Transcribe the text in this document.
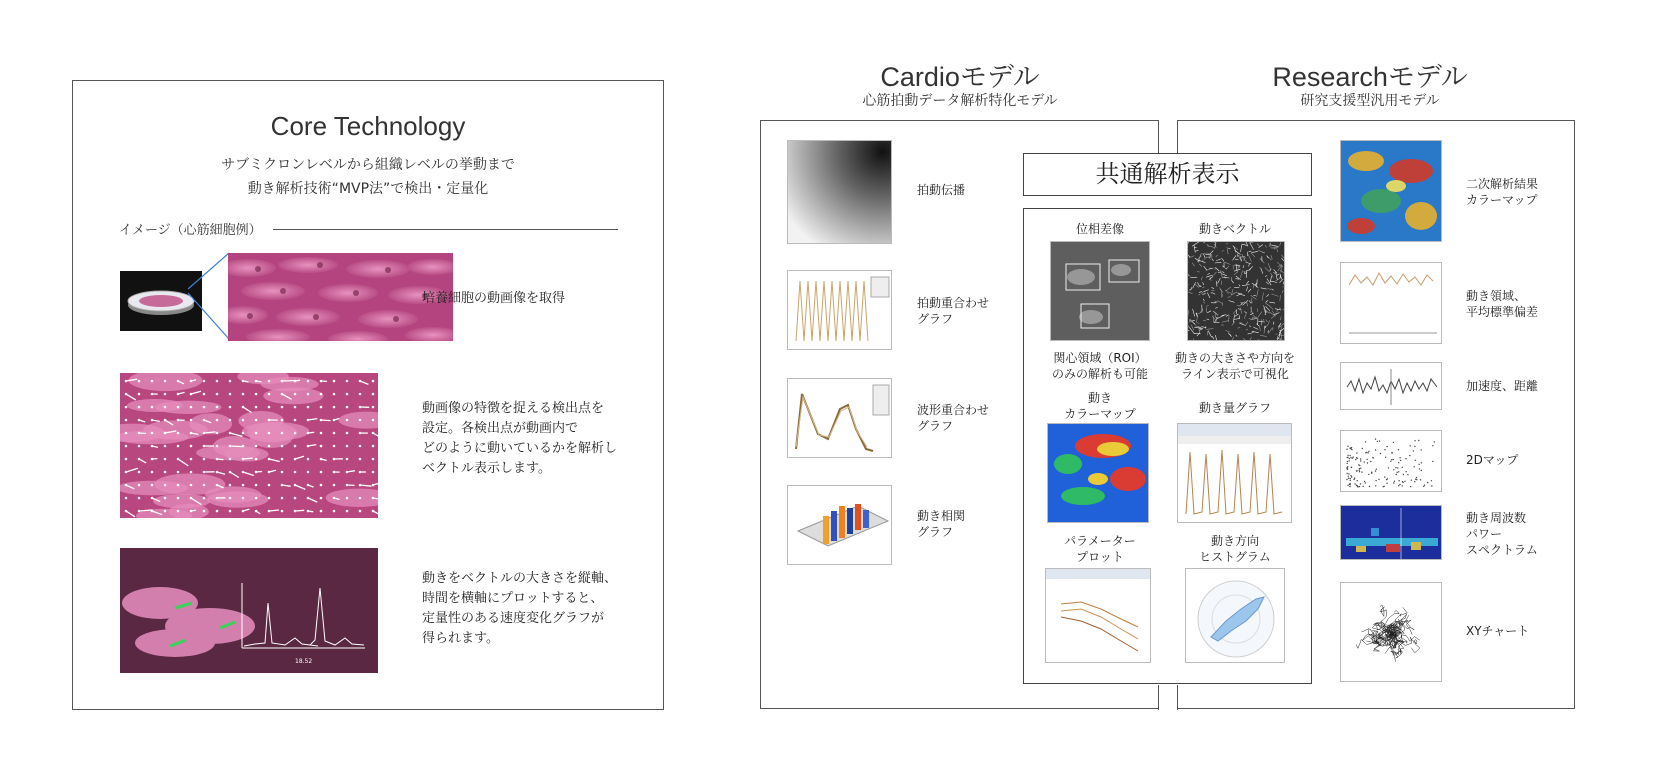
Core Technology
サブミクロンレベルから組織レベルの挙動まで
動き解析技術“MVP法”で検出・定量化
イメージ（心筋細胞例）
培養細胞の動画像を取得
動画像の特徴を捉える検出点を
設定。各検出点が動画内で
どのように動いているかを解析し
ベクトル表示します。
18.52
動きをベクトルの大きさを縦軸、
時間を横軸にプロットすると、
定量性のある速度変化グラフが
得られます。
Cardioモデル
心筋拍動データ解析特化モデル
Researchモデル
研究支援型汎用モデル
拍動伝播
拍動重合わせ
グラフ
波形重合わせ
グラフ
動き相関
グラフ
共通解析表示
位相差像
関心領域（ROI）
のみの解析も可能
動きベクトル
動きの大きさや方向を
ライン表示で可視化
動き
カラーマップ	動き量グラフ
パラメーター
プロット
動き方向
ヒストグラム
二次解析結果
カラーマップ
動き領域、
平均標準偏差
加速度、距離
2Dマップ
動き周波数
パワー
スペクトラム
XYチャート
